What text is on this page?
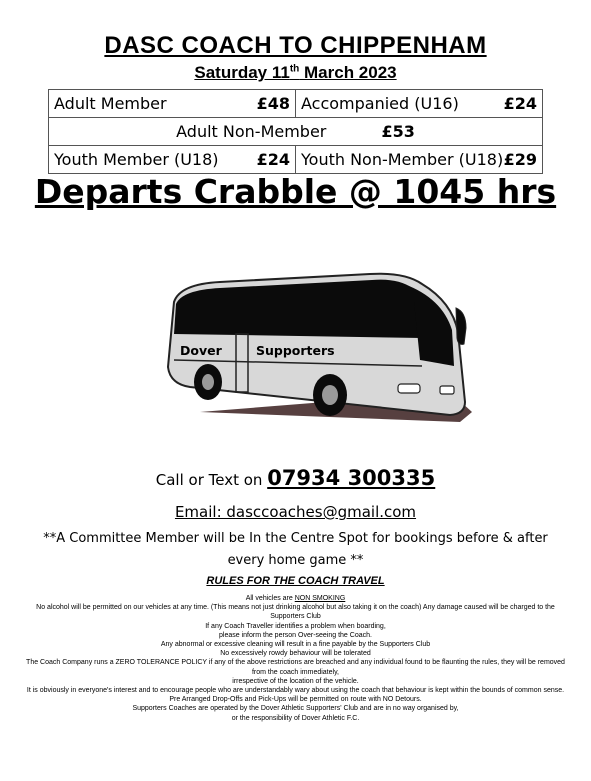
DASC COACH TO CHIPPENHAM
Saturday 11th March 2023
Adult Member £48	Accompanied (U16) £24

Adult Non-Member £53	
Youth Member (U18) £24	Youth Non-Member (U18) £29
Departs Crabble @ 1045 hrs
Dover	Supporters
Call or Text on 07934 300335
Email: dasccoaches@gmail.com
**A Committee Member will be In the Centre Spot for bookings before & after every home game **
RULES FOR THE COACH TRAVEL
All vehicles are NON SMOKING
No alcohol will be permitted on our vehicles at any time. (This means not just drinking alcohol but also taking it on the coach) Any damage caused will be charged to the Supporters Club
If any Coach Traveller identifies a problem when boarding,
please inform the person Over-seeing the Coach.
Any abnormal or excessive cleaning will result in a fine payable by the Supporters Club
No excessively rowdy behaviour will be tolerated
The Coach Company runs a ZERO TOLERANCE POLICY if any of the above restrictions are breached and any individual found to be flaunting the rules, they will be removed from the coach immediately,
irrespective of the location of the vehicle.
It is obviously in everyone's interest and to encourage people who are understandably wary about using the coach that behaviour is kept within the bounds of common sense.
Pre Arranged Drop-Offs and Pick-Ups will be permitted on route with NO Detours.
Supporters Coaches are operated by the Dover Athletic Supporters' Club and are in no way organised by,
or the responsibility of Dover Athletic F.C.
